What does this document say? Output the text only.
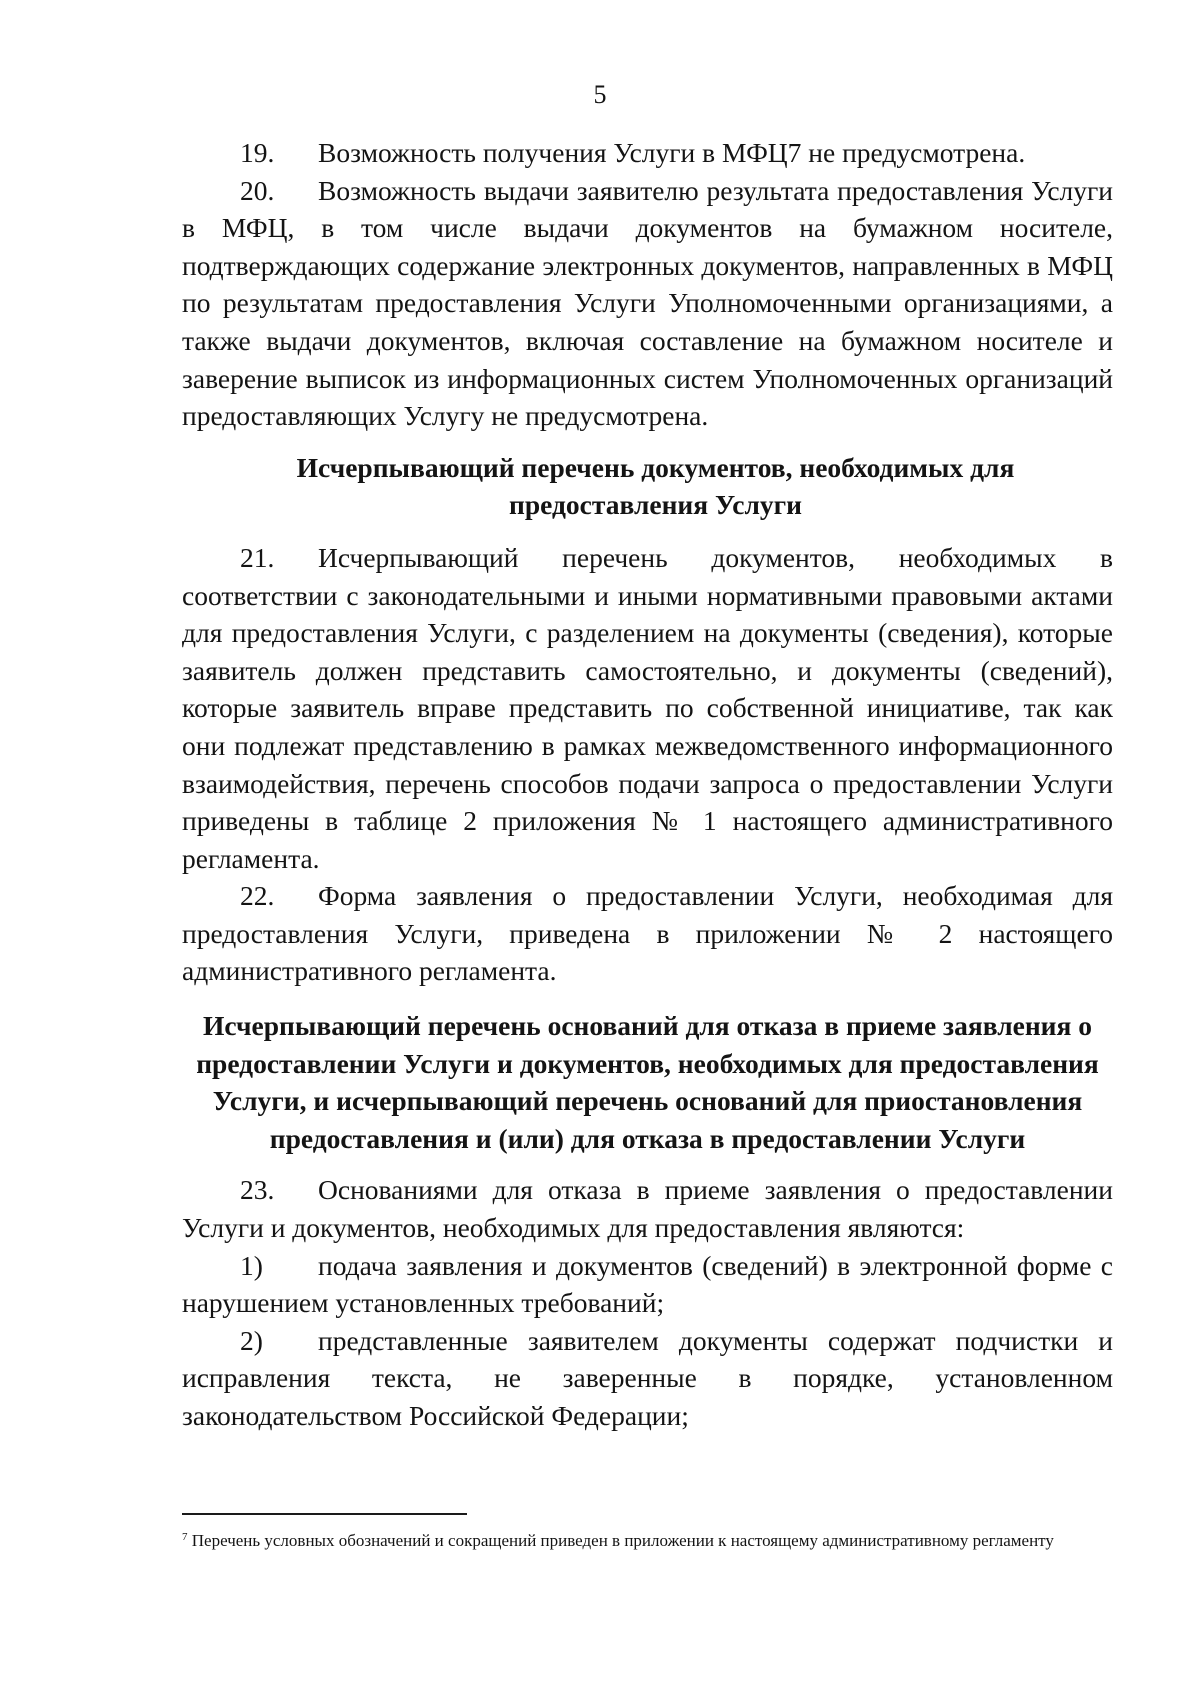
5

19. Возможность получения Услуги в МФЦ7 не предусмотрена.

20. Возможность выдачи заявителю результата предоставления Услуги в МФЦ, в том числе выдачи документов на бумажном носителе, подтверждающих содержание электронных документов, направленных в МФЦ по результатам предоставления Услуги Уполномоченными организациями, а также выдачи документов, включая составление на бумажном носителе и заверение выписок из информационных систем Уполномоченных организаций предоставляющих Услугу не предусмотрена.

Исчерпывающий перечень документов, необходимых для
предоставления Услуги

21. Исчерпывающий перечень документов, необходимых в соответствии с законодательными и иными нормативными правовыми актами для предоставления Услуги, с разделением на документы (сведения), которые заявитель должен представить самостоятельно, и документы (сведений), которые заявитель вправе представить по собственной инициативе, так как они подлежат представлению в рамках межведомственного информационного взаимодействия, перечень способов подачи запроса о предоставлении Услуги приведены в таблице 2 приложения № 1 настоящего административного регламента.

22. Форма заявления о предоставлении Услуги, необходимая для предоставления Услуги, приведена в приложении № 2 настоящего административного регламента.

Исчерпывающий перечень оснований для отказа в приеме заявления о
предоставлении Услуги и документов, необходимых для предоставления
Услуги, и исчерпывающий перечень оснований для приостановления
предоставления и (или) для отказа в предоставлении Услуги

23. Основаниями для отказа в приеме заявления о предоставлении Услуги и документов, необходимых для предоставления являются:

1) подача заявления и документов (сведений) в электронной форме с нарушением установленных требований;

2) представленные заявителем документы содержат подчистки и исправления текста, не заверенные в порядке, установленном законодательством Российской Федерации;

$^7$ Перечень условных обозначений и сокращений приведен в приложении к настоящему административному регламенту
